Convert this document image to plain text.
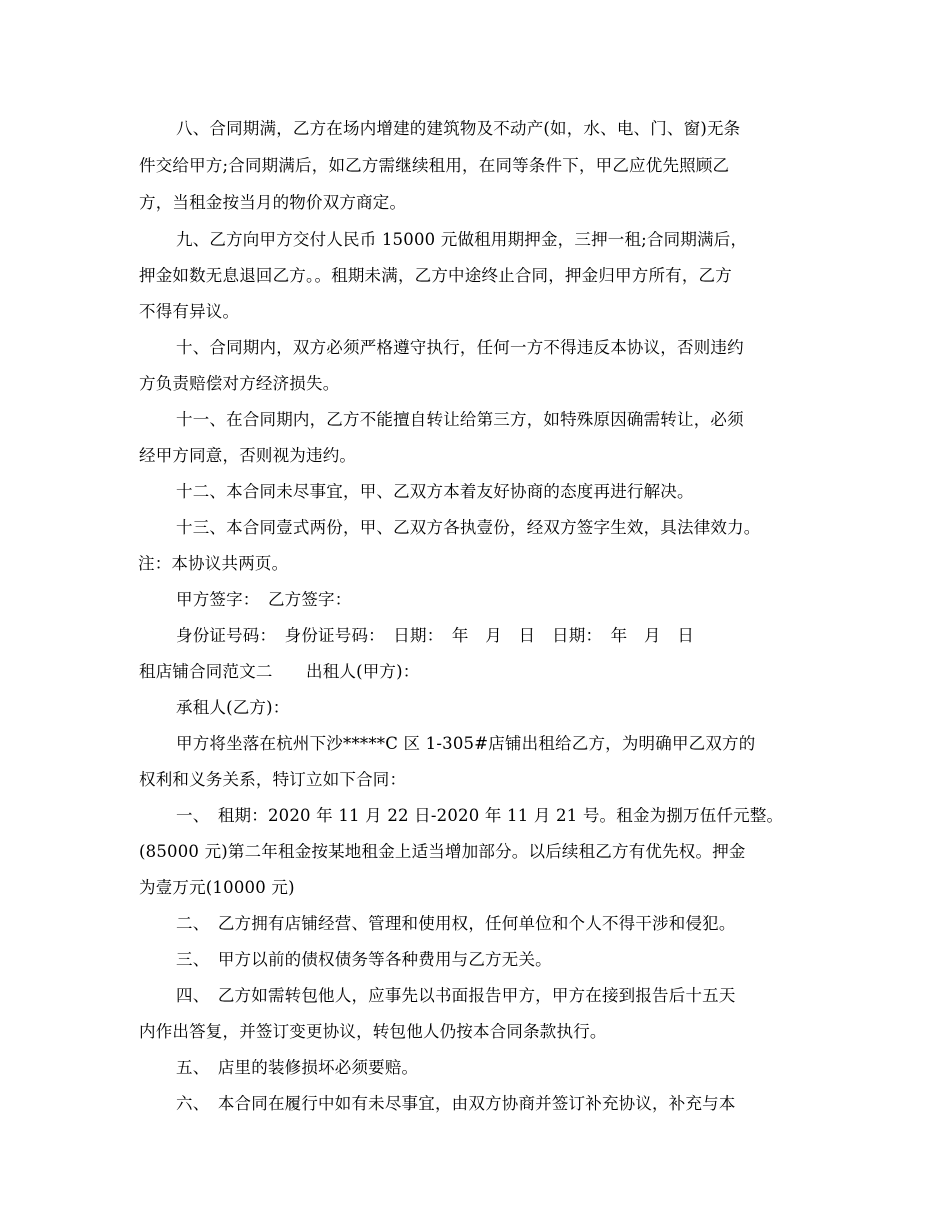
八、合同期满，乙方在场内增建的建筑物及不动产(如，水、电、门、窗)无条
件交给甲方;合同期满后，如乙方需继续租用，在同等条件下，甲乙应优先照顾乙
方，当租金按当月的物价双方商定。
九、乙方向甲方交付人民币 15000 元做租用期押金，三押一租;合同期满后，
押金如数无息退回乙方。。租期未满，乙方中途终止合同，押金归甲方所有，乙方
不得有异议。
十、合同期内，双方必须严格遵守执行，任何一方不得违反本协议，否则违约
方负责赔偿对方经济损失。
十一、在合同期内，乙方不能擅自转让给第三方，如特殊原因确需转让，必须
经甲方同意，否则视为违约。
十二、本合同未尽事宜，甲、乙双方本着友好协商的态度再进行解决。
十三、本合同壹式两份，甲、乙双方各执壹份，经双方签字生效，具法律效力。
注：本协议共两页。
甲方签字：　乙方签字：
身份证号码：　身份证号码：　日期：　年　月　日　日期：　年　月　日
租店铺合同范文二　　出租人(甲方)：
承租人(乙方)：
甲方将坐落在杭州下沙*****C 区 1-305#店铺出租给乙方，为明确甲乙双方的
权利和义务关系，特订立如下合同：
一、　租期：2020 年 11 月 22 日-2020 年 11 月 21 号。租金为捌万伍仟元整。
(85000 元)第二年租金按某地租金上适当增加部分。以后续租乙方有优先权。押金
为壹万元(10000 元)
二、　乙方拥有店铺经营、管理和使用权，任何单位和个人不得干涉和侵犯。
三、　甲方以前的债权债务等各种费用与乙方无关。
四、　乙方如需转包他人，应事先以书面报告甲方，甲方在接到报告后十五天
内作出答复，并签订变更协议，转包他人仍按本合同条款执行。
五、　店里的装修损坏必须要赔。
六、　本合同在履行中如有未尽事宜，由双方协商并签订补充协议，补充与本
